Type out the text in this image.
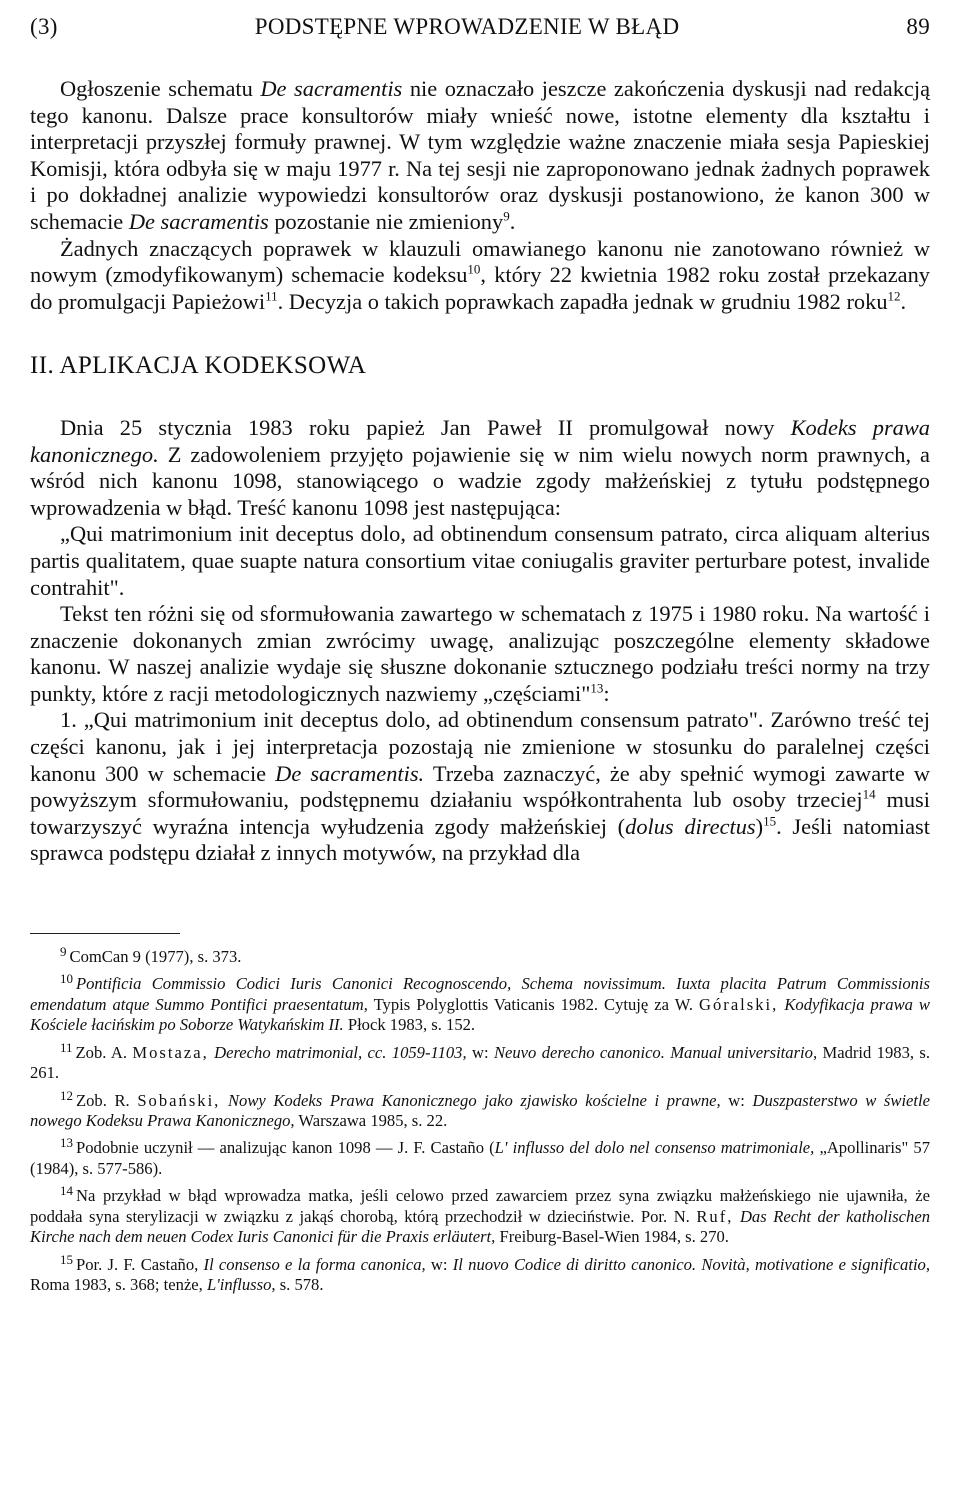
(3)	PODSTĘPNE WPROWADZENIE W BŁĄD	89

Ogłoszenie schematu De sacramentis nie oznaczało jeszcze zakończenia dyskusji nad redakcją tego kanonu. Dalsze prace konsultorów miały wnieść nowe, istotne elementy dla kształtu i interpretacji przyszłej formuły prawnej. W tym względzie ważne znaczenie miała sesja Papieskiej Komisji, która odbyła się w maju 1977 r. Na tej sesji nie zaproponowano jednak żadnych poprawek i po dokładnej analizie wypowiedzi konsultorów oraz dyskusji postanowiono, że kanon 300 w schemacie De sacramentis pozostanie nie zmieniony$^9$.

Żadnych znaczących poprawek w klauzuli omawianego kanonu nie zanotowano również w nowym (zmodyfikowanym) schemacie kodeksu$^{10}$, który 22 kwietnia 1982 roku został przekazany do promulgacji Papieżowi$^{11}$. Decyzja o takich poprawkach zapadła jednak w grudniu 1982 roku$^{12}$.

II. APLIKACJA KODEKSOWA

Dnia 25 stycznia 1983 roku papież Jan Paweł II promulgował nowy Kodeks prawa kanonicznego. Z zadowoleniem przyjęto pojawienie się w nim wielu nowych norm prawnych, a wśród nich kanonu 1098, stanowiącego o wadzie zgody małżeńskiej z tytułu podstępnego wprowadzenia w błąd. Treść kanonu 1098 jest następująca:

„Qui matrimonium init deceptus dolo, ad obtinendum consensum patrato, circa aliquam alterius partis qualitatem, quae suapte natura consortium vitae coniugalis graviter perturbare potest, invalide contrahit".

Tekst ten różni się od sformułowania zawartego w schematach z 1975 i 1980 roku. Na wartość i znaczenie dokonanych zmian zwrócimy uwagę, analizując poszczególne elementy składowe kanonu. W naszej analizie wydaje się słuszne dokonanie sztucznego podziału treści normy na trzy punkty, które z racji metodologicznych nazwiemy „częściami"$^{13}$:

1. „Qui matrimonium init deceptus dolo, ad obtinendum consensum patrato". Zarówno treść tej części kanonu, jak i jej interpretacja pozostają nie zmienione w stosunku do paralelnej części kanonu 300 w schemacie De sacramentis. Trzeba zaznaczyć, że aby spełnić wymogi zawarte w powyższym sformułowaniu, podstępnemu działaniu współkontrahenta lub osoby trzeciej$^{14}$ musi towarzyszyć wyraźna intencja wyłudzenia zgody małżeńskiej (dolus directus)$^{15}$. Jeśli natomiast sprawca podstępu działał z innych motywów, na przykład dla

$^9$ ComCan 9 (1977), s. 373.

$^{10}$ Pontificia Commissio Codici Iuris Canonici Recognoscendo, Schema novissimum. Iuxta placita Patrum Commissionis emendatum atque Summo Pontifici praesentatum, Typis Polyglottis Vaticanis 1982. Cytuję za W. Góralski, Kodyfikacja prawa w Kościele łacińskim po Soborze Watykańskim II. Płock 1983, s. 152.

$^{11}$ Zob. A. Mostaza, Derecho matrimonial, cc. 1059-1103, w: Neuvo derecho canonico. Manual universitario, Madrid 1983, s. 261.

$^{12}$ Zob. R. Sobański, Nowy Kodeks Prawa Kanonicznego jako zjawisko kościelne i prawne, w: Duszpasterstwo w świetle nowego Kodeksu Prawa Kanonicznego, Warszawa 1985, s. 22.

$^{13}$ Podobnie uczynił — analizując kanon 1098 — J. F. Castaño (L' influsso del dolo nel consenso matrimoniale, „Apollinaris" 57 (1984), s. 577-586).

$^{14}$ Na przykład w błąd wprowadza matka, jeśli celowo przed zawarciem przez syna związku małżeńskiego nie ujawniła, że poddała syna sterylizacji w związku z jakąś chorobą, którą przechodził w dzieciństwie. Por. N. Ruf, Das Recht der katholischen Kirche nach dem neuen Codex Iuris Canonici für die Praxis erläutert, Freiburg-Basel-Wien 1984, s. 270.

$^{15}$ Por. J. F. Castaño, Il consenso e la forma canonica, w: Il nuovo Codice di diritto canonico. Novità, motivatione e significatio, Roma 1983, s. 368; tenże, L'influsso, s. 578.
